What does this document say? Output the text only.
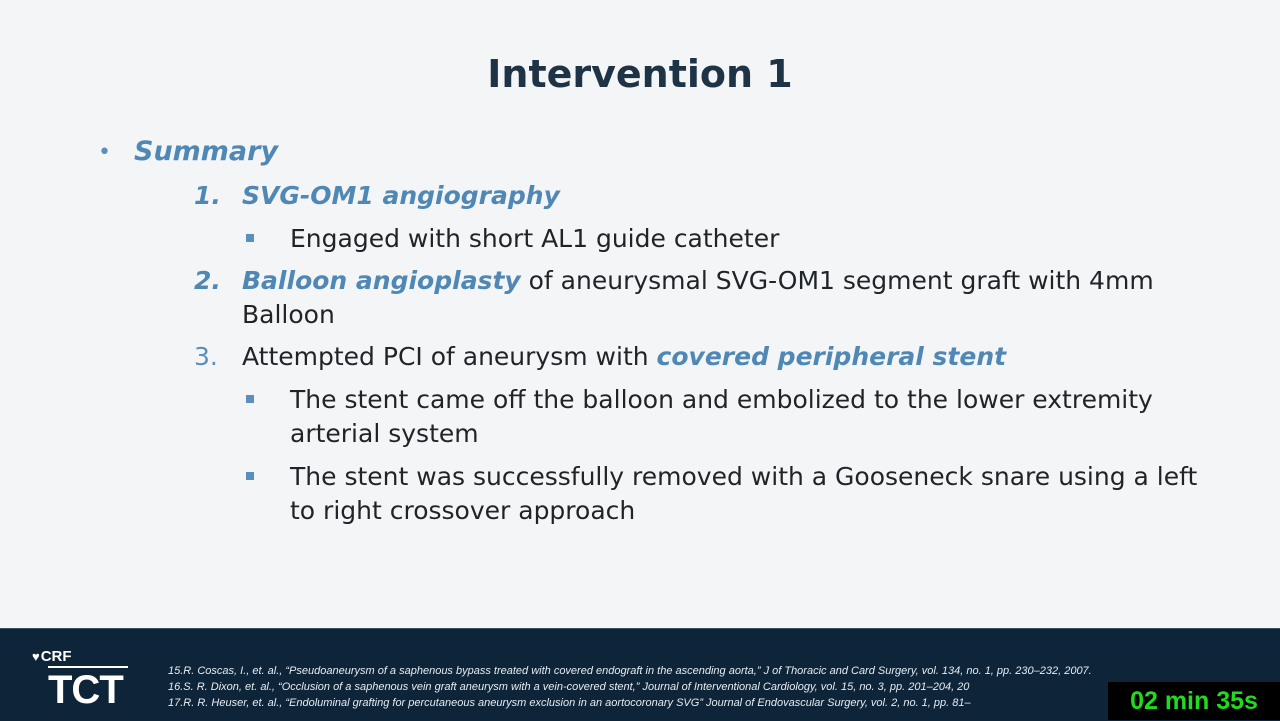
Intervention 1
• Summary
1. SVG-OM1 angiography
Engaged with short AL1 guide catheter
2. Balloon angioplasty of aneurysmal SVG-OM1 segment graft with 4mm
Balloon
3. Attempted PCI of aneurysm with covered peripheral stent
The stent came off the balloon and embolized to the lower extremity
arterial system
The stent was successfully removed with a Gooseneck snare using a left
to right crossover approach
♥CRF
TCT	15.R. Coscas, I., et. al., “Pseudoaneurysm of a saphenous bypass treated with covered endograft in the ascending aorta,” J of Thoracic and Card Surgery, vol. 134, no. 1, pp. 230–232, 2007.
16.S. R. Dixon, et. al., “Occlusion of a saphenous vein graft aneurysm with a vein-covered stent,” Journal of Interventional Cardiology, vol. 15, no. 3, pp. 201–204, 20
17.R. R. Heuser, et. al., “Endoluminal grafting for percutaneous aneurysm exclusion in an aortocoronary SVG” Journal of Endovascular Surgery, vol. 2, no. 1, pp. 81–	02 min 35s
